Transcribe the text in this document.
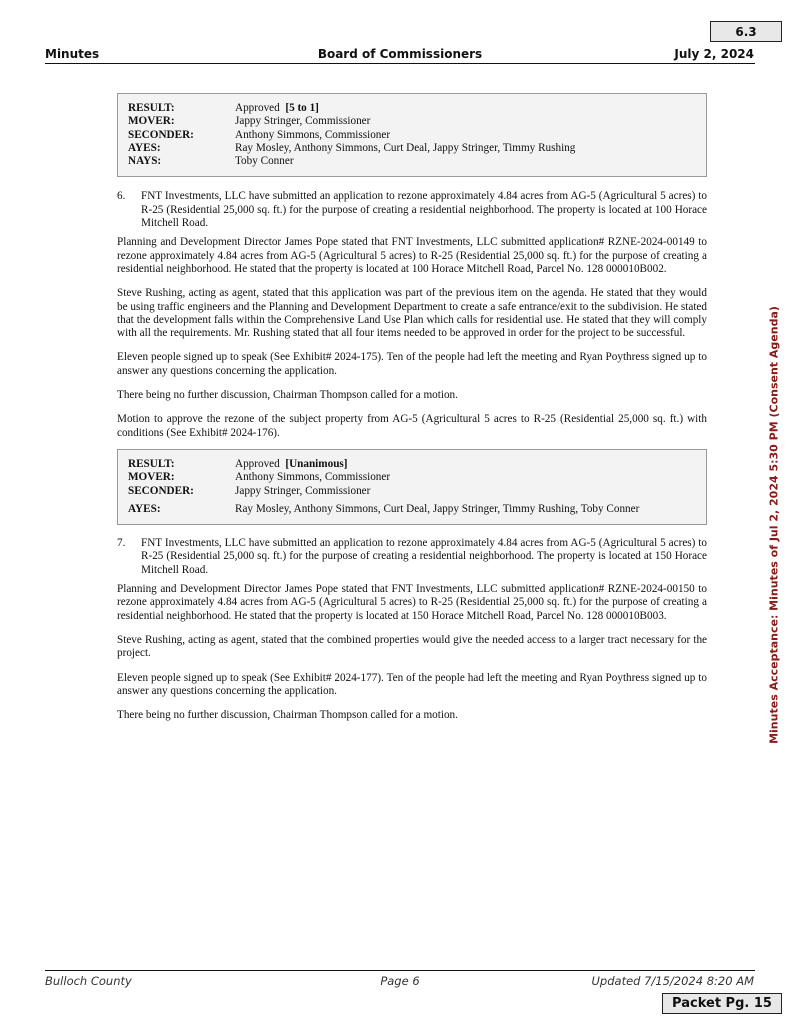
6.3
Minutes	Board of Commissioners	July 2, 2024
Minutes Acceptance: Minutes of Jul 2, 2024 5:30 PM (Consent Agenda)
RESULT:	Approved [5 to 1]
MOVER:	Jappy Stringer, Commissioner
SECONDER:	Anthony Simmons, Commissioner
AYES:	Ray Mosley, Anthony Simmons, Curt Deal, Jappy Stringer, Timmy Rushing
NAYS:	Toby Conner
6.	FNT Investments, LLC have submitted an application to rezone approximately 4.84 acres from AG-5 (Agricultural 5 acres) to R-25 (Residential 25,000 sq. ft.) for the purpose of creating a residential neighborhood. The property is located at 100 Horace Mitchell Road.

Planning and Development Director James Pope stated that FNT Investments, LLC submitted application# RZNE-2024-00149 to rezone approximately 4.84 acres from AG-5 (Agricultural 5 acres) to R-25 (Residential 25,000 sq. ft.) for the purpose of creating a residential neighborhood. He stated that the property is located at 100 Horace Mitchell Road, Parcel No. 128 000010B002.

Steve Rushing, acting as agent, stated that this application was part of the previous item on the agenda. He stated that they would be using traffic engineers and the Planning and Development Department to create a safe entrance/exit to the subdivision. He stated that the development falls within the Comprehensive Land Use Plan which calls for residential use. He stated that they will comply with all the requirements. Mr. Rushing stated that all four items needed to be approved in order for the project to be successful.

Eleven people signed up to speak (See Exhibit# 2024-175). Ten of the people had left the meeting and Ryan Poythress signed up to answer any questions concerning the application.

There being no further discussion, Chairman Thompson called for a motion.

Motion to approve the rezone of the subject property from AG-5 (Agricultural 5 acres to R-25 (Residential 25,000 sq. ft.) with conditions (See Exhibit# 2024-176).

RESULT:	Approved [Unanimous]
MOVER:	Anthony Simmons, Commissioner
SECONDER:	Jappy Stringer, Commissioner
AYES:	Ray Mosley, Anthony Simmons, Curt Deal, Jappy Stringer, Timmy Rushing, Toby Conner
7.	FNT Investments, LLC have submitted an application to rezone approximately 4.84 acres from AG-5 (Agricultural 5 acres) to R-25 (Residential 25,000 sq. ft.) for the purpose of creating a residential neighborhood. The property is located at 150 Horace Mitchell Road.

Planning and Development Director James Pope stated that FNT Investments, LLC submitted application# RZNE-2024-00150 to rezone approximately 4.84 acres from AG-5 (Agricultural 5 acres) to R-25 (Residential 25,000 sq. ft.) for the purpose of creating a residential neighborhood. He stated that the property is located at 150 Horace Mitchell Road, Parcel No. 128 000010B003.

Steve Rushing, acting as agent, stated that the combined properties would give the needed access to a larger tract necessary for the project.

Eleven people signed up to speak (See Exhibit# 2024-177). Ten of the people had left the meeting and Ryan Poythress signed up to answer any questions concerning the application.

There being no further discussion, Chairman Thompson called for a motion.

Bulloch County	Page 6	Updated 7/15/2024 8:20 AM
Packet Pg. 15
